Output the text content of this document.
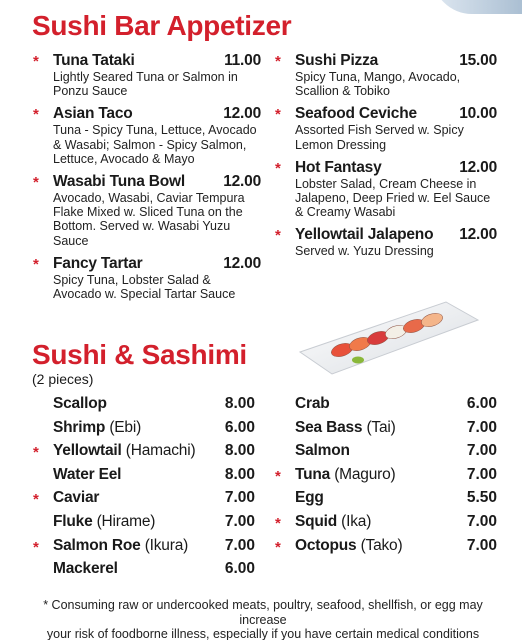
Sushi Bar Appetizer
* Tuna Tataki	11.00
Lightly Seared Tuna or Salmon in Ponzu Sauce
* Asian Taco	12.00
Tuna - Spicy Tuna, Lettuce, Avocado & Wasabi; Salmon - Spicy Salmon, Lettuce, Avocado & Mayo
* Wasabi Tuna Bowl 12.00
Avocado, Wasabi, Caviar Tempura Flake Mixed w. Sliced Tuna on the Bottom. Served w. Wasabi Yuzu Sauce
* Fancy Tartar	12.00
Spicy Tuna, Lobster Salad & Avocado w. Special Tartar Sauce
* Sushi Pizza	15.00
Spicy Tuna, Mango, Avocado, Scallion & Tobiko
* Seafood Ceviche	10.00
Assorted Fish Served w. Spicy Lemon Dressing
* Hot Fantasy	12.00
Lobster Salad, Cream Cheese in Jalapeno, Deep Fried w. Eel Sauce & Creamy Wasabi
* Yellowtail Jalapeno 12.00
Served w. Yuzu Dressing
Sushi & Sashimi
(2 pieces)
Scallop	8.00
Shrimp (Ebi)	6.00
* Yellowtail (Hamachi) 8.00
Water Eel	8.00
* Caviar	7.00
Fluke (Hirame)	7.00
* Salmon Roe (Ikura) 7.00
Mackerel	6.00
Crab	6.00
Sea Bass (Tai)	7.00
Salmon	7.00
* Tuna (Maguro)	7.00
Egg	5.50
* Squid (Ika)	7.00
* Octopus (Tako)	7.00
* Consuming raw or undercooked meats, poultry, seafood, shellfish, or egg may increase
your risk of foodborne illness, especially if you have certain medical conditions
